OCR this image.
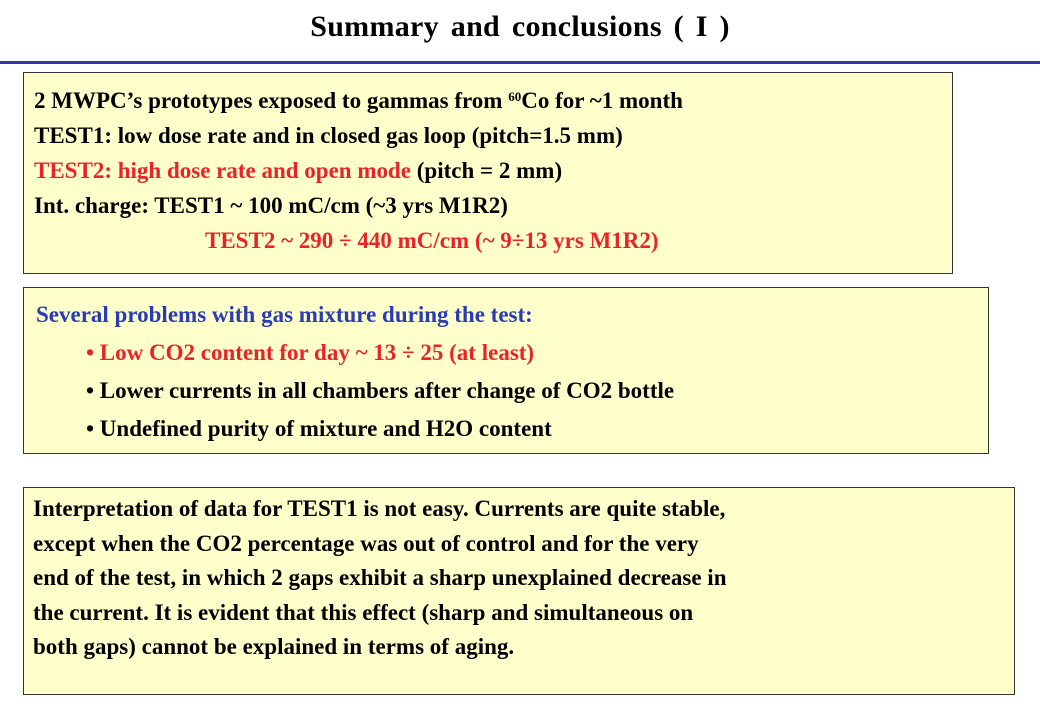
Summary and conclusions ( I )
2 MWPC’s prototypes exposed to gammas from $^{60}$Co for ~1 month
TEST1: low dose rate and in closed gas loop (pitch=1.5 mm)
TEST2: high dose rate and open mode (pitch = 2 mm)
Int. charge: TEST1 ~ 100 mC/cm (~3 yrs M1R2)
TEST2 ~ 290 ÷ 440 mC/cm (~ 9÷13 yrs M1R2)
Several problems with gas mixture during the test:
• Low CO2 content for day ~ 13 ÷ 25 (at least)
• Lower currents in all chambers after change of CO2 bottle
• Undefined purity of mixture and H2O content
Interpretation of data for TEST1 is not easy. Currents are quite stable,
except when the CO2 percentage was out of control and for the very
end of the test, in which 2 gaps exhibit a sharp unexplained decrease in
the current. It is evident that this effect (sharp and simultaneous on
both gaps) cannot be explained in terms of aging.
